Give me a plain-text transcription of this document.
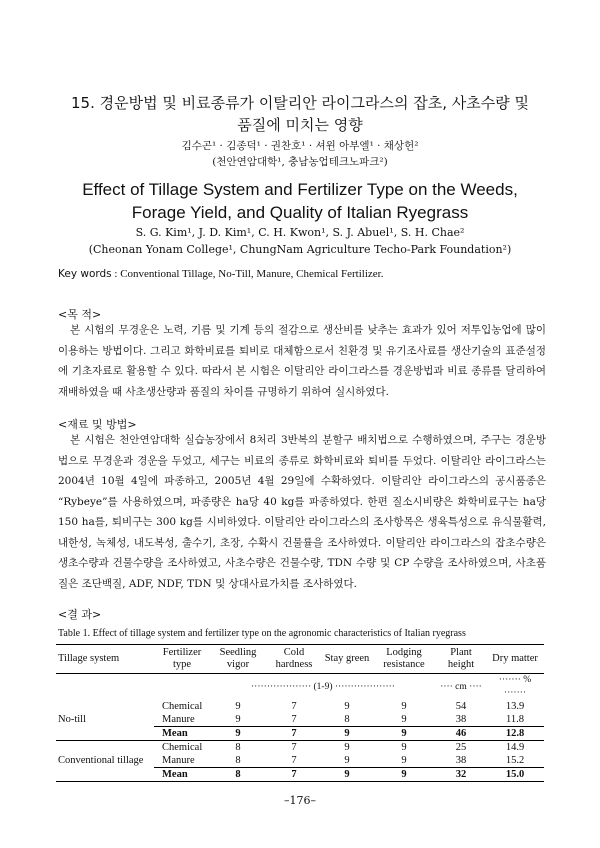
15. 경운방법 및 비료종류가 이탈리안 라이그라스의 잡초, 사초수량 및
품질에 미치는 영향
김수곤¹ · 김종덕¹ · 권찬호¹ · 셔윈 아부엘¹ · 채상헌²
(천안연암대학¹, 충남농업테크노파크²)
Effect of Tillage System and Fertilizer Type on the Weeds,
Forage Yield, and Quality of Italian Ryegrass
S. G. Kim¹, J. D. Kim¹, C. H. Kwon¹, S. J. Abuel¹, S. H. Chae²
(Cheonan Yonam College¹, ChungNam Agriculture Techo-Park Foundation²)
Key words : Conventional Tillage, No-Till, Manure, Chemical Fertilizer.
<목 적>

본 시험의 무경운은 노력, 기름 및 기계 등의 절감으로 생산비를 낮추는 효과가 있어 저투입농업에 많이 이용하는 방법이다. 그리고 화학비료를 퇴비로 대체함으로서 친환경 및 유기조사료를 생산기술의 표준설정에 기초자료로 활용할 수 있다. 따라서 본 시험은 이탈리안 라이그라스를 경운방법과 비료 종류를 달리하여 재배하였을 때 사초생산량과 품질의 차이를 규명하기 위하여 실시하였다.

<재료 및 방법>

본 시험은 천안연암대학 실습농장에서 8처리 3반복의 분할구 배치법으로 수행하였으며, 주구는 경운방법으로 무경운과 경운을 두었고, 세구는 비료의 종류로 화학비료와 퇴비를 두었다. 이탈리안 라이그라스는 2004년 10월 4일에 파종하고, 2005년 4월 29일에 수확하였다. 이탈리안 라이그라스의 공시품종은 “Rybeye”를 사용하였으며, 파종량은 ha당 40 kg를 파종하였다. 한편 질소시비량은 화학비료구는 ha당 150 ha를, 퇴비구는 300 kg를 시비하였다. 이탈리안 라이그라스의 조사항목은 생육특성으로 유식물활력, 내한성, 녹체성, 내도복성, 출수기, 초장, 수확시 건물률을 조사하였다. 이탈리안 라이그라스의 잡초수량은 생초수량과 건물수량을 조사하였고, 사초수량은 건물수량, TDN 수량 및 CP 수량을 조사하였으며, 사초품질은 조단백질, ADF, NDF, TDN 및 상대사료가치를 조사하였다.

<결 과>
Table 1. Effect of tillage system and fertilizer type on the agronomic characteristics of Italian ryegrass
Tillage system	Fertilizer type	Seedling vigor	Cold hardness	Stay green	Lodging resistance	Plant height	Dry matter
		··················· (1-9) ···················				···· cm ····	······· % ·······
No-till	Chemical	9	7	9	9	54	13.9
	Manure	9	7	8	9	38	11.8
	Mean	9	7	9	9	46	12.8
Conventional tillage	Chemical	8	7	9	9	25	14.9
	Manure	8	7	9	9	38	15.2
	Mean	8	7	9	9	32	15.0
–176–
